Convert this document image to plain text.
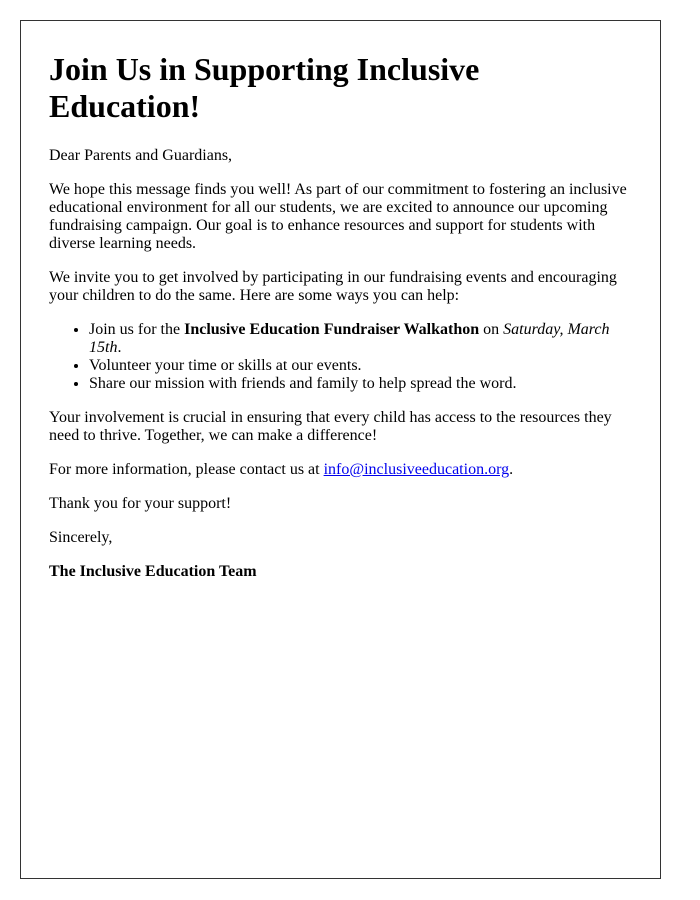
Join Us in Supporting Inclusive Education!

Dear Parents and Guardians,

We hope this message finds you well! As part of our commitment to fostering an inclusive educational environment for all our students, we are excited to announce our upcoming fundraising campaign. Our goal is to enhance resources and support for students with diverse learning needs.

We invite you to get involved by participating in our fundraising events and encouraging your children to do the same. Here are some ways you can help:

• Join us for the Inclusive Education Fundraiser Walkathon on Saturday, March 15th.
• Volunteer your time or skills at our events.
• Share our mission with friends and family to help spread the word.

Your involvement is crucial in ensuring that every child has access to the resources they need to thrive. Together, we can make a difference!

For more information, please contact us at info@inclusiveeducation.org.

Thank you for your support!

Sincerely,

The Inclusive Education Team
